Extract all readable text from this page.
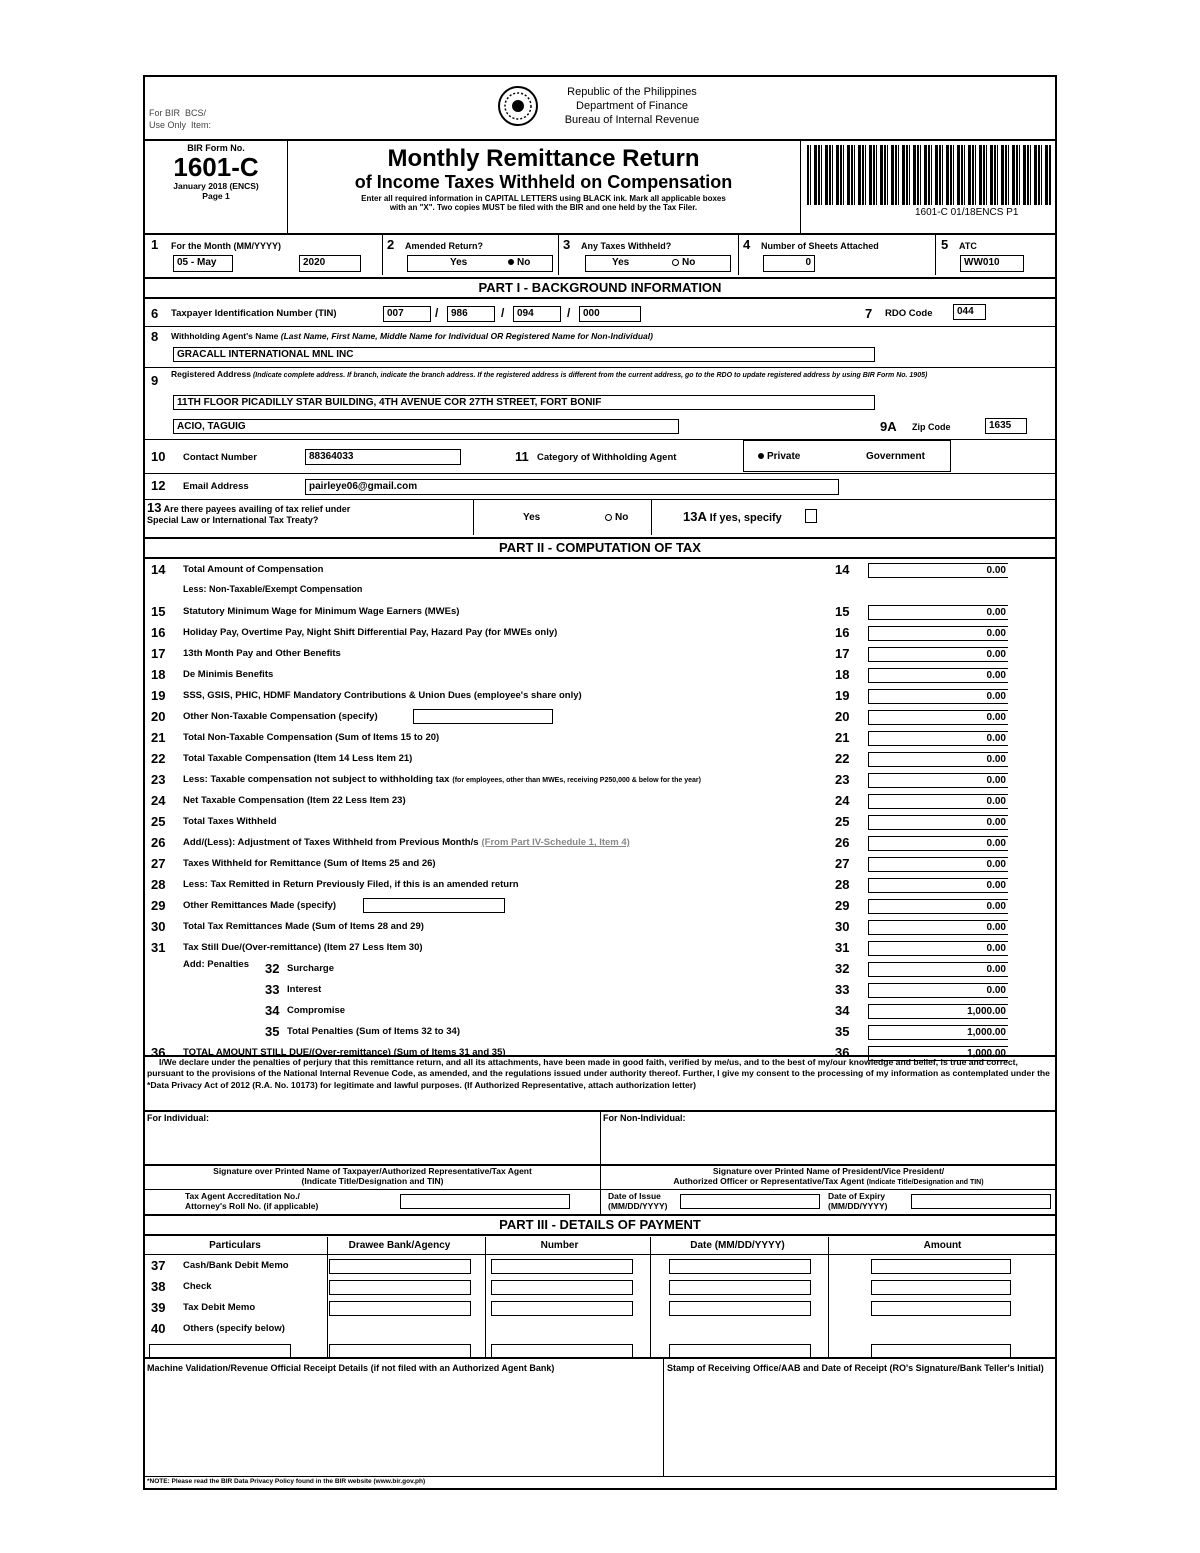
For BIR BCS/
Use Only Item:
Republic of the Philippines
Department of Finance
Bureau of Internal Revenue
BIR Form No.
1601-C
January 2018 (ENCS)
Page 1
Monthly Remittance Return
of Income Taxes Withheld on Compensation
Enter all required information in CAPITAL LETTERS using BLACK ink. Mark all applicable boxes
with an "X". Two copies MUST be filed with the BIR and one held by the Tax Filer.	1601-C 01/18ENCS P1
1 For the Month (MM/YYYY)
05 - May	2020
2 Amended Return?
Yes	No
3 Any Taxes Withheld?
Yes	No
4 Number of Sheets Attached
0
5 ATC
WW010
PART I - BACKGROUND INFORMATION
6 Taxpayer Identification Number (TIN)	007	/	986	/	094	/	000	7 RDO Code	044
8 Withholding Agent's Name (Last Name, First Name, Middle Name for Individual OR Registered Name for Non-Individual)
GRACALL INTERNATIONAL MNL INC
9 Registered Address (Indicate complete address. If branch, indicate the branch address. If the registered address is different from the current address, go to the RDO to update registered address by using BIR Form No. 1905)
11TH FLOOR PICADILLY STAR BUILDING, 4TH AVENUE COR 27TH STREET, FORT BONIF
ACIO, TAGUIG	9A Zip Code	1635
10 Contact Number	88364033	11 Category of Withholding Agent	Private	Government
12 Email Address	pairleye06@gmail.com
13 Are there payees availing of tax relief under
Special Law or International Tax Treaty?	Yes	No	13A If yes, specify
PART II - COMPUTATION OF TAX
14 Total Amount of Compensation	14	0.00
15 Statutory Minimum Wage for Minimum Wage Earners (MWEs)	15	0.00
16 Holiday Pay, Overtime Pay, Night Shift Differential Pay, Hazard Pay (for MWEs only)	16	0.00
17 13th Month Pay and Other Benefits	17	0.00
18 De Minimis Benefits	18	0.00
19 SSS, GSIS, PHIC, HDMF Mandatory Contributions & Union Dues (employee's share only)	19	0.00
20 Other Non-Taxable Compensation (specify)	20	0.00
21 Total Non-Taxable Compensation (Sum of Items 15 to 20)	21	0.00
22 Total Taxable Compensation (Item 14 Less Item 21)	22	0.00
23 Less: Taxable compensation not subject to withholding tax (for employees, other than MWEs, receiving P250,000 & below for the year)	23	0.00
24 Net Taxable Compensation (Item 22 Less Item 23)	24	0.00
25 Total Taxes Withheld	25	0.00
26 Add/(Less): Adjustment of Taxes Withheld from Previous Month/s (From Part IV-Schedule 1, Item 4)	26	0.00
27 Taxes Withheld for Remittance (Sum of Items 25 and 26)	27	0.00
28 Less: Tax Remitted in Return Previously Filed, if this is an amended return	28	0.00
29 Other Remittances Made (specify)	29	0.00
30 Total Tax Remittances Made (Sum of Items 28 and 29)	30	0.00
31 Tax Still Due/(Over-remittance) (Item 27 Less Item 30)	31	0.00
32 Surcharge	32	0.00
33 Interest	33	0.00
34 Compromise	34	1,000.00
35 Total Penalties (Sum of Items 32 to 34)	35	1,000.00
36 TOTAL AMOUNT STILL DUE/(Over-remittance) (Sum of Items 31 and 35)	36	1,000.00
Less: Non-Taxable/Exempt Compensation
Add: Penalties
I/We declare under the penalties of perjury that this remittance return, and all its attachments, have been made in good faith, verified by me/us, and to the best of my/our knowledge and belief, is true and correct, pursuant to the provisions of the National Internal Revenue Code, as amended, and the regulations issued under authority thereof. Further, I give my consent to the processing of my information as contemplated under the *Data Privacy Act of 2012 (R.A. No. 10173) for legitimate and lawful purposes. (If Authorized Representative, attach authorization letter)
For Individual:	For Non-Individual:
Signature over Printed Name of Taxpayer/Authorized Representative/Tax Agent
(Indicate Title/Designation and TIN)
Signature over Printed Name of President/Vice President/
Authorized Officer or Representative/Tax Agent (Indicate Title/Designation and TIN)
Tax Agent Accreditation No./
Attorney's Roll No. (if applicable)
Date of Issue
(MM/DD/YYYY)
Date of Expiry
(MM/DD/YYYY)
PART III - DETAILS OF PAYMENT
Particulars	Drawee Bank/Agency	Number	Date (MM/DD/YYYY)	Amount
37 Cash/Bank Debit Memo
38 Check
39 Tax Debit Memo
40 Others (specify below)
Machine Validation/Revenue Official Receipt Details (if not filed with an Authorized Agent Bank)	Stamp of Receiving Office/AAB and Date of Receipt (RO's Signature/Bank Teller's Initial)
*NOTE: Please read the BIR Data Privacy Policy found in the BIR website (www.bir.gov.ph)
